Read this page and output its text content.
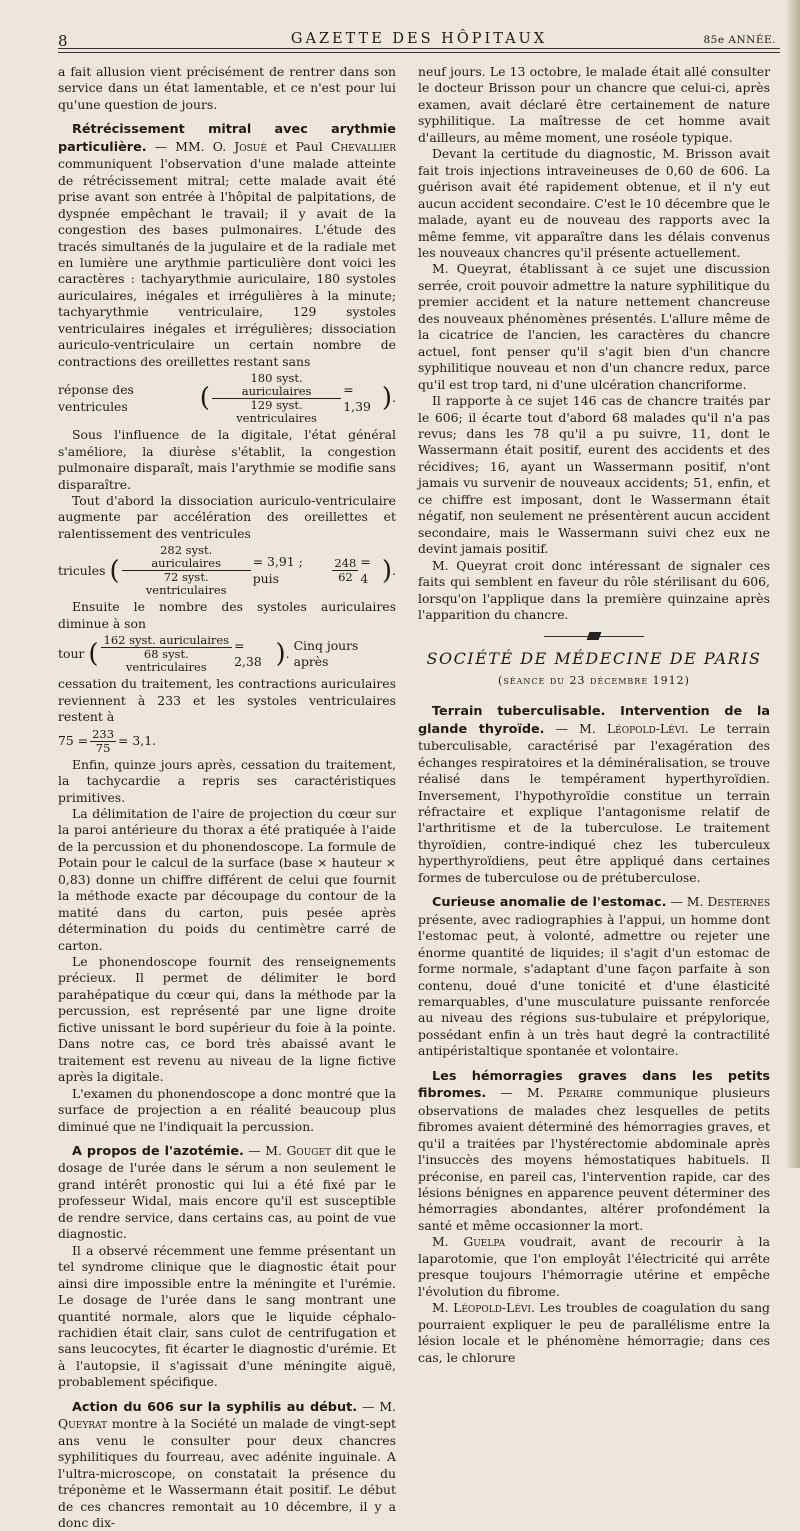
8	GAZETTE DES HÔPITAUX	85e ANNÉE.

a fait allusion vient précisément de rentrer dans son service dans un état lamentable, et ce n'est pour lui qu'une question de jours.

Rétrécissement mitral avec arythmie particulière. — MM. O. Josué et Paul Chevallier communiquent l'observation d'une malade atteinte de rétrécissement mitral; cette malade avait été prise avant son entrée à l'hôpital de palpitations, de dyspnée empêchant le travail; il y avait de la congestion des bases pulmonaires. L'étude des tracés simultanés de la jugulaire et de la radiale met en lumière une arythmie particulière dont voici les caractères : tachyarythmie auriculaire, 180 systoles auriculaires, inégales et irrégulières à la minute; tachyarythmie ventriculaire, 129 systoles ventriculaires inégales et irrégulières; dissociation auriculo-ventriculaire un certain nombre de contractions des oreillettes restant sans

réponse des ventricules	( $\frac{\text{180 syst. auriculaires}}{\text{129 syst. ventriculaires}} = 1,39$ ) .

Sous l'influence de la digitale, l'état général s'améliore, la diurèse s'établit, la congestion pulmonaire disparaît, mais l'arythmie se modifie sans disparaître.

Tout d'abord la dissociation auriculo-ventriculaire augmente par accélération des oreillettes et ralentissement des ventricules

tricules ( $\frac{\text{282 syst. auriculaires}}{\text{72 syst. ventriculaires}} = 3,91$ ; puis	$\frac{248}{62} = 4$ ) .

Ensuite le nombre des systoles auriculaires diminue à son

tour ( $\frac{\text{162 syst. auriculaires}}{\text{68 syst. ventriculaires}} = 2,38$ ) .
Cinq jours après

cessation du traitement, les contractions auriculaires reviennent à 233 et les systoles ventriculaires restent à

$75 = \frac{233}{75} = 3,1$.

Enfin, quinze jours après, cessation du traitement, la tachycardie a repris ses caractéristiques primitives.

La délimitation de l'aire de projection du cœur sur la paroi antérieure du thorax a été pratiquée à l'aide de la percussion et du phonendoscope. La formule de Potain pour le calcul de la surface (base × hauteur × 0,83) donne un chiffre différent de celui que fournit la méthode exacte par découpage du contour de la matité dans du carton, puis pesée après détermination du poids du centimètre carré de carton.

Le phonendoscope fournit des renseignements précieux. Il permet de délimiter le bord parahépatique du cœur qui, dans la méthode par la percussion, est représenté par une ligne droite fictive unissant le bord supérieur du foie à la pointe. Dans notre cas, ce bord très abaissé avant le traitement est revenu au niveau de la ligne fictive après la digitale.

L'examen du phonendoscope a donc montré que la surface de projection a en réalité beaucoup plus diminué que ne l'indiquait la percussion.

A propos de l'azotémie. — M. Gouget dit que le dosage de l'urée dans le sérum a non seulement le grand intérêt pronostic qui lui a été fixé par le professeur Widal, mais encore qu'il est susceptible de rendre service, dans certains cas, au point de vue diagnostic.

Il a observé récemment une femme présentant un tel syndrome clinique que le diagnostic était pour ainsi dire impossible entre la méningite et l'urémie. Le dosage de l'urée dans le sang montrant une quantité normale, alors que le liquide céphalo-rachidien était clair, sans culot de centrifugation et sans leucocytes, fit écarter le diagnostic d'urémie. Et à l'autopsie, il s'agissait d'une méningite aiguë, probablement spécifique.

Action du 606 sur la syphilis au début. — M. Queyrat montre à la Société un malade de vingt-sept ans venu le consulter pour deux chancres syphilitiques du fourreau, avec adénite inguinale. A l'ultra-microscope, on constatait la présence du tréponème et le Wassermann était positif. Le début de ces chancres remontait au 10 décembre, il y a donc dix-

neuf jours. Le 13 octobre, le malade était allé consulter le docteur Brisson pour un chancre que celui-ci, après examen, avait déclaré être certainement de nature syphilitique. La maîtresse de cet homme avait d'ailleurs, au même moment, une roséole typique.

Devant la certitude du diagnostic, M. Brisson avait fait trois injections intraveineuses de 0,60 de 606. La guérison avait été rapidement obtenue, et il n'y eut aucun accident secondaire. C'est le 10 décembre que le malade, ayant eu de nouveau des rapports avec la même femme, vit apparaître dans les délais convenus les nouveaux chancres qu'il présente actuellement.

M. Queyrat, établissant à ce sujet une discussion serrée, croit pouvoir admettre la nature syphilitique du premier accident et la nature nettement chancreuse des nouveaux phénomènes présentés. L'allure même de la cicatrice de l'ancien, les caractères du chancre actuel, font penser qu'il s'agit bien d'un chancre syphilitique nouveau et non d'un chancre redux, parce qu'il est trop tard, ni d'une ulcération chancriforme.

Il rapporte à ce sujet 146 cas de chancre traités par le 606; il écarte tout d'abord 68 malades qu'il n'a pas revus; dans les 78 qu'il a pu suivre, 11, dont le Wassermann était positif, eurent des accidents et des récidives; 16, ayant un Wassermann positif, n'ont jamais vu survenir de nouveaux accidents; 51, enfin, et ce chiffre est imposant, dont le Wassermann était négatif, non seulement ne présentèrent aucun accident secondaire, mais le Wassermann suivi chez eux ne devint jamais positif.

M. Queyrat croit donc intéressant de signaler ces faits qui semblent en faveur du rôle stérilisant du 606, lorsqu'on l'applique dans la première quinzaine après l'apparition du chancre.

SOCIÉTÉ DE MÉDECINE DE PARIS
(séance du 23 décembre 1912)

Terrain tuberculisable. Intervention de la glande thyroïde. — M. Léopold-Lévi. Le terrain tuberculisable, caractérisé par l'exagération des échanges respiratoires et la déminéralisation, se trouve réalisé dans le tempérament hyperthyroïdien. Inversement, l'hypothyroïdie constitue un terrain réfractaire et explique l'antagonisme relatif de l'arthritisme et de la tuberculose. Le traitement thyroïdien, contre-indiqué chez les tuberculeux hyperthyroïdiens, peut être appliqué dans certaines formes de tuberculose ou de prétuberculose.

Curieuse anomalie de l'estomac. — M. Desternes présente, avec radiographies à l'appui, un homme dont l'estomac peut, à volonté, admettre ou rejeter une énorme quantité de liquides; il s'agit d'un estomac de forme normale, s'adaptant d'une façon parfaite à son contenu, doué d'une tonicité et d'une élasticité remarquables, d'une musculature puissante renforcée au niveau des régions sus-tubulaire et prépylorique, possédant enfin à un très haut degré la contractilité antipéristaltique spontanée et volontaire.

Les hémorragies graves dans les petits fibromes. — M. Peraire communique plusieurs observations de malades chez lesquelles de petits fibromes avaient déterminé des hémorragies graves, et qu'il a traitées par l'hystérectomie abdominale après l'insuccès des moyens hémostatiques habituels. Il préconise, en pareil cas, l'intervention rapide, car des lésions bénignes en apparence peuvent déterminer des hémorragies abondantes, altérer profondément la santé et même occasionner la mort.

M. Guelpa voudrait, avant de recourir à la laparotomie, que l'on employât l'électricité qui arrête presque toujours l'hémorragie utérine et empêche l'évolution du fibrome.

M. Léopold-Lévi. Les troubles de coagulation du sang pourraient expliquer le peu de parallélisme entre la lésion locale et le phénomène hémorragie; dans ces cas, le chlorure
